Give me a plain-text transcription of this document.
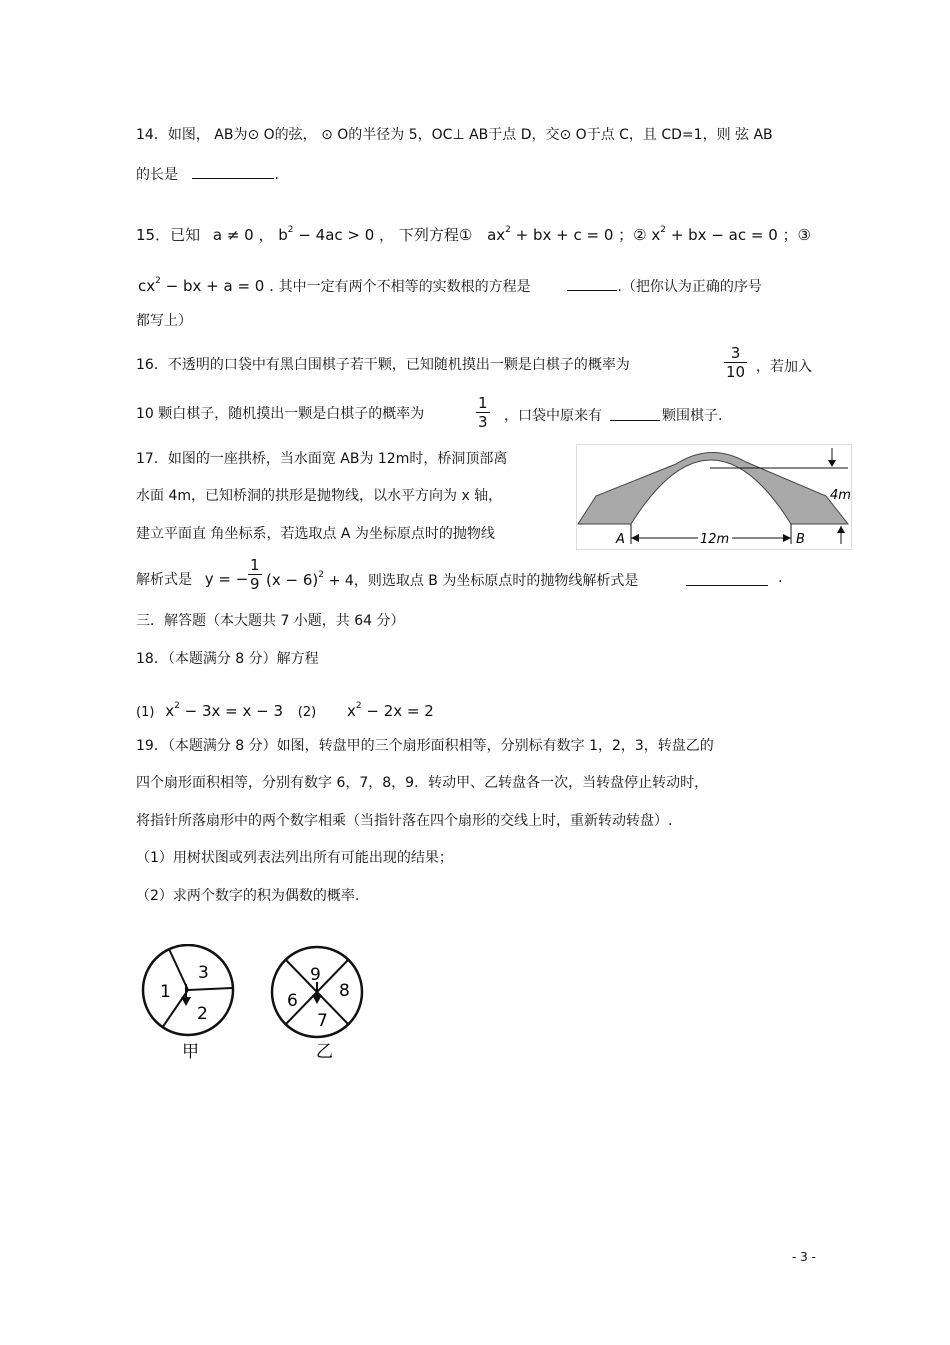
14．如图， AB为⊙ O的弦， ⊙ O的半径为 5，OC⊥ AB于点 D，交⊙ O于点 C，且 CD=1，则 弦 AB
的长是	.
15．已知 a ≠ 0 ， $b^2 - 4ac > 0$ ， 下列方程① $ax^2$ + bx + c = 0 ；② $x^2$ + bx − ac = 0 ；③
$cx^2$ − bx + a = 0 . 其中一定有两个不相等的实数根的方程是	.（把你认为正确的序号
都写上）
16．不透明的口袋中有黑白围棋子若干颗，已知随机摸出一颗是白棋子的概率为	$\frac{3}{10}$ ，若加入
10 颗白棋子，随机摸出一颗是白棋子的概率为	$\frac{1}{3}$ ，口袋中原来有	颗围棋子.
17．如图的一座拱桥，当水面宽 AB为 12m时，桥洞顶部离
水面 4m，已知桥洞的拱形是抛物线，以水平方向为 x 轴，
建立平面直 角坐标系，若选取点 A 为坐标原点时的抛物线
4m
12m
A	B
解析式是 y = − $\frac{1}{9} (x - 6)^2 + 4$，则选取点 B 为坐标原点时的抛物线解析式是	.
三．解答题（本大题共 7 小题，共 64 分）
18．（本题满分 8 分）解方程
(1) $x^2 - 3x = x - 3$ (2) $x^2 - 2x = 2$
19．（本题满分 8 分）如图，转盘甲的三个扇形面积相等，分别标有数字 1，2，3，转盘乙的
四个扇形面积相等，分别有数字 6，7，8，9．转动甲、乙转盘各一次，当转盘停止转动时，
将指针所落扇形中的两个数字相乘（当指针落在四个扇形的交线上时，重新转动转盘）.
（1）用树状图或列表法列出所有可能出现的结果；
（2）求两个数字的积为偶数的概率.
1
2
3
甲
6
7
8
9
乙
- 3 -
